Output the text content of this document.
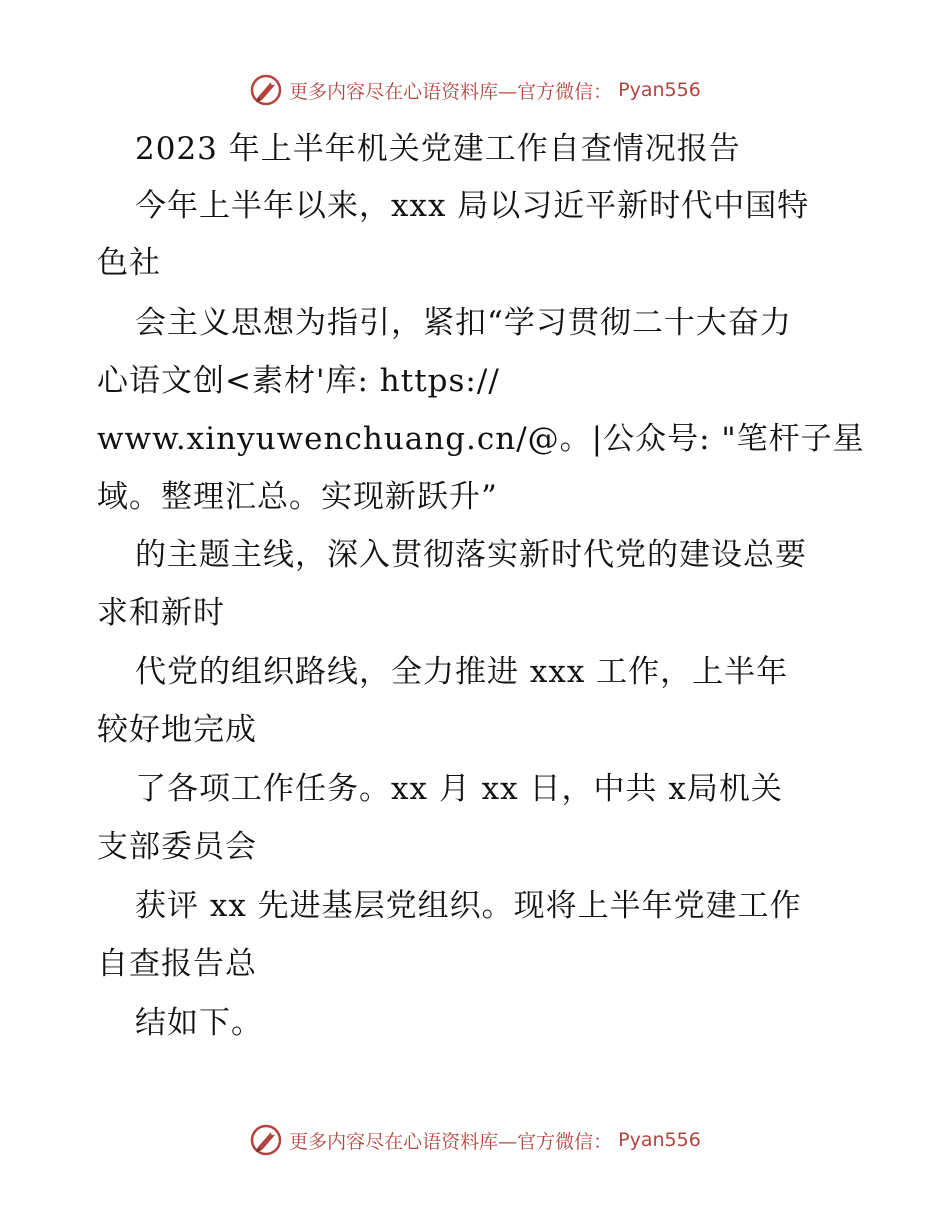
更多内容尽在心语资料库—官方微信： Pyan556
2023 年上半年机关党建工作自查情况报告
今年上半年以来，xxx 局以习近平新时代中国特
色社
会主义思想为指引，紧扣“学习贯彻二十大奋力
心语文创<素材'库: https://
www.xinyuwenchuang.cn/@。|公众号: "笔杆子星
域。整理汇总。实现新跃升”
的主题主线，深入贯彻落实新时代党的建设总要
求和新时
代党的组织路线，全力推进 xxx 工作，上半年
较好地完成
了各项工作任务。xx 月 xx 日，中共 x局机关
支部委员会
获评 xx 先进基层党组织。现将上半年党建工作
自查报告总
结如下。
更多内容尽在心语资料库—官方微信： Pyan556
